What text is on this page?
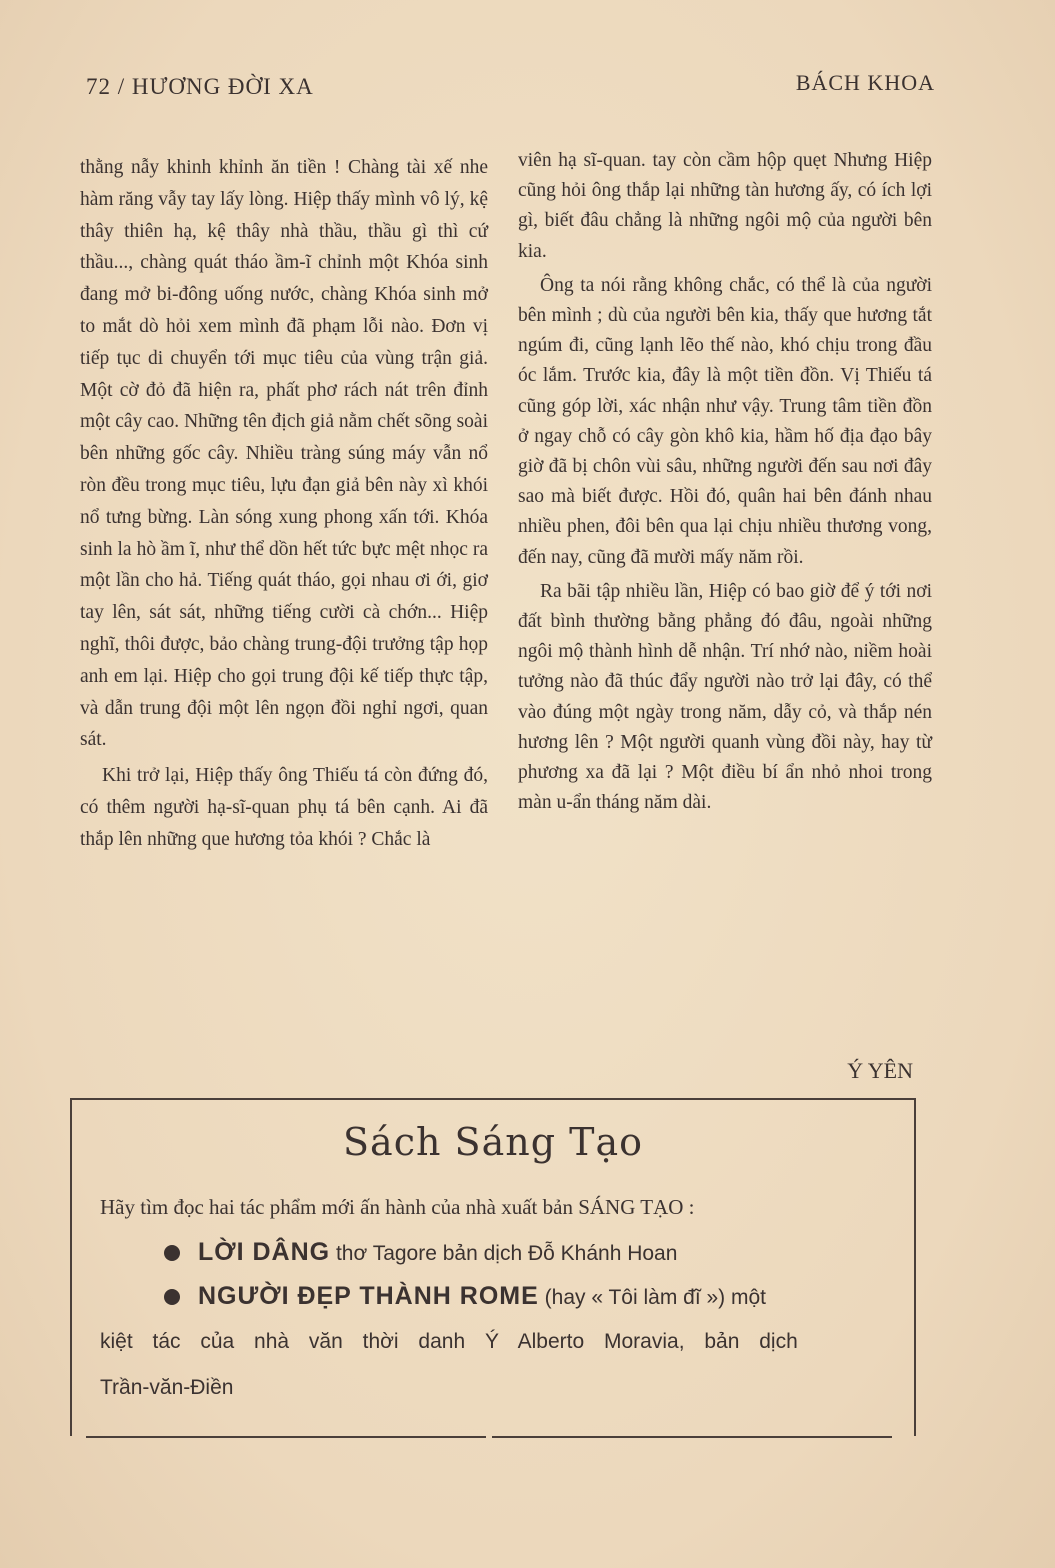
72 / HƯƠNG ĐỜI XA	BÁCH KHOA

thằng nẫy khinh khỉnh ăn tiền ! Chàng tài xế nhe hàm răng vẫy tay lấy lòng. Hiệp thấy mình vô lý, kệ thây thiên hạ, kệ thây nhà thầu, thầu gì thì cứ thầu..., chàng quát tháo ầm-ĩ chỉnh một Khóa sinh đang mở bi-đông uống nước, chàng Khóa sinh mở to mắt dò hỏi xem mình đã phạm lỗi nào. Đơn vị tiếp tục di chuyển tới mục tiêu của vùng trận giả. Một cờ đỏ đã hiện ra, phất phơ rách nát trên đỉnh một cây cao. Những tên địch giả nằm chết sõng soài bên những gốc cây. Nhiều tràng súng máy vẫn nổ ròn đều trong mục tiêu, lựu đạn giả bên này xì khói nổ tưng bừng. Làn sóng xung phong xấn tới. Khóa sinh la hò ầm ĩ, như thể dồn hết tức bực mệt nhọc ra một lần cho hả. Tiếng quát tháo, gọi nhau ơi ới, giơ tay lên, sát sát, những tiếng cười cà chớn... Hiệp nghĩ, thôi được, bảo chàng trung-đội trưởng tập họp anh em lại. Hiệp cho gọi trung đội kế tiếp thực tập, và dẫn trung đội một lên ngọn đồi nghỉ ngơi, quan sát.

Khi trở lại, Hiệp thấy ông Thiếu tá còn đứng đó, có thêm người hạ-sĩ-quan phụ tá bên cạnh. Ai đã thắp lên những que hương tỏa khói ? Chắc là

viên hạ sĩ-quan. tay còn cầm hộp quẹt Nhưng Hiệp cũng hỏi ông thắp lại những tàn hương ấy, có ích lợi gì, biết đâu chẳng là những ngôi mộ của người bên kia.

Ông ta nói rằng không chắc, có thể là của người bên mình ; dù của người bên kia, thấy que hương tắt ngúm đi, cũng lạnh lẽo thế nào, khó chịu trong đầu óc lắm. Trước kia, đây là một tiền đồn. Vị Thiếu tá cũng góp lời, xác nhận như vậy. Trung tâm tiền đồn ở ngay chỗ có cây gòn khô kia, hầm hố địa đạo bây giờ đã bị chôn vùi sâu, những người đến sau nơi đây sao mà biết được. Hồi đó, quân hai bên đánh nhau nhiều phen, đôi bên qua lại chịu nhiều thương vong, đến nay, cũng đã mười mấy năm rồi.

Ra bãi tập nhiều lần, Hiệp có bao giờ để ý tới nơi đất bình thường bằng phẳng đó đâu, ngoài những ngôi mộ thành hình dễ nhận. Trí nhớ nào, niềm hoài tưởng nào đã thúc đẩy người nào trở lại đây, có thể vào đúng một ngày trong năm, dẫy cỏ, và thắp nén hương lên ? Một người quanh vùng đồi này, hay từ phương xa đã lại ? Một điều bí ẩn nhỏ nhoi trong màn u-ẩn tháng năm dài.

Ý YÊN
Sách Sáng Tạo
Hãy tìm đọc hai tác phẩm mới ấn hành của nhà xuất bản SÁNG TẠO :
LỜI DÂNG thơ Tagore bản dịch Đỗ Khánh Hoan
NGƯỜI ĐẸP THÀNH ROME (hay « Tôi làm đĩ ») một
kiệt tác của nhà văn thời danh Ý Alberto Moravia, bản dịch
Trần-văn-Điền
